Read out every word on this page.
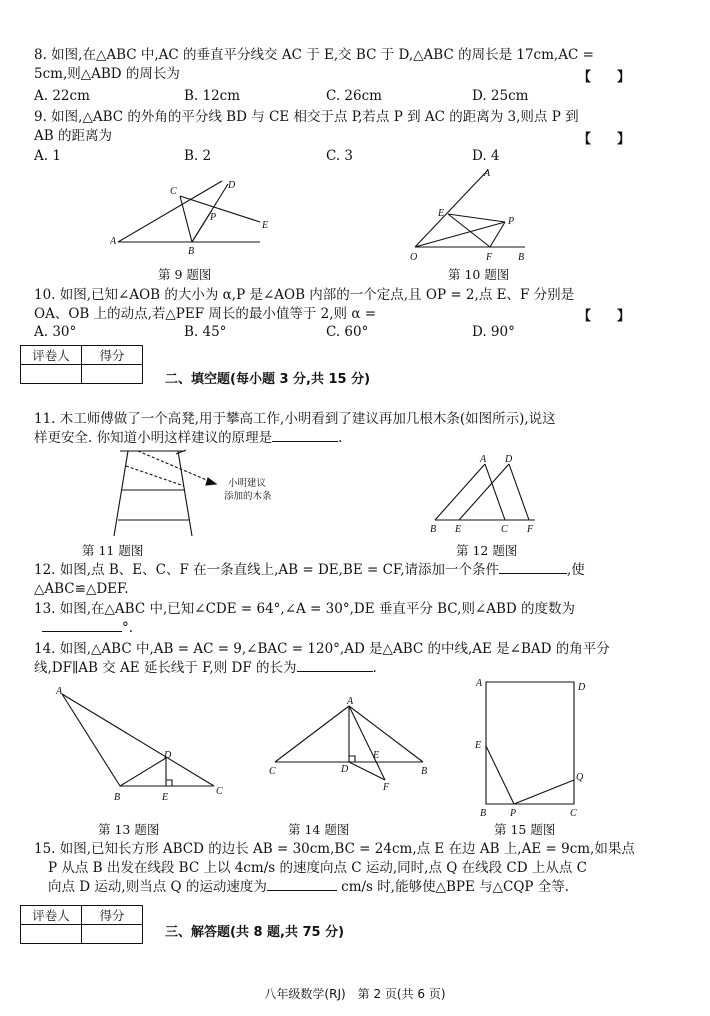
8. 如图,在△ABC 中,AC 的垂直平分线交 AC 于 E,交 BC 于 D,△ABC 的周长是 17cm,AC =
5cm,则△ABD 的周长为	【　　】
A. 22cm	B. 12cm	C. 26cm	D. 25cm
9. 如图,△ABC 的外角的平分线 BD 与 CE 相交于点 P,若点 P 到 AC 的距离为 3,则点 P 到
AB 的距离为	【　　】
A. 1	B. 2	C. 3	D. 4
C
D
P
E
A
B
第 9 题图
A
E
P
O	F	B
第 10 题图
10. 如图,已知∠AOB 的大小为 α,P 是∠AOB 内部的一个定点,且 OP = 2,点 E、F 分别是
OA、OB 上的动点,若△PEF 周长的最小值等于 2,则 α =	【　　】
A. 30°	B. 45°	C. 60°	D. 90°
评卷人	得分

二、填空题(每小题 3 分,共 15 分)
11. 木工师傅做了一个高凳,用于攀高工作,小明看到了建议再加几根木条(如图所示),说这
样更安全. 你知道小明这样建议的原理是	.
小明建议
添加的木条
第 11 题图
A D
B E	C F
第 12 题图
12. 如图,点 B、E、C、F 在一条直线上,AB = DE,BE = CF,请添加一个条件	,使
△ABC≌△DEF.
13. 如图,在△ABC 中,已知∠CDE = 64°,∠A = 30°,DE 垂直平分 BC,则∠ABD 的度数为
°.
14. 如图,△ABC 中,AB = AC = 9,∠BAC = 120°,AD 是△ABC 的中线,AE 是∠BAD 的角平分
线,DF∥AB 交 AE 延长线于 F,则 DF 的长为	.
A
D
B	E
C
第 13 题图
A
C	D
E
B
F
第 14 题图
A	D
E
Q
B P	C
第 15 题图
15. 如图,已知长方形 ABCD 的边长 AB = 30cm,BC = 24cm,点 E 在边 AB 上,AE = 9cm,如果点
P 从点 B 出发在线段 BC 上以 4cm/s 的速度向点 C 运动,同时,点 Q 在线段 CD 上从点 C
向点 D 运动,则当点 Q 的运动速度为	cm/s 时,能够使△BPE 与△CQP 全等.
评卷人	得分

三、解答题(共 8 题,共 75 分)
八年级数学(RJ)　第 2 页(共 6 页)
